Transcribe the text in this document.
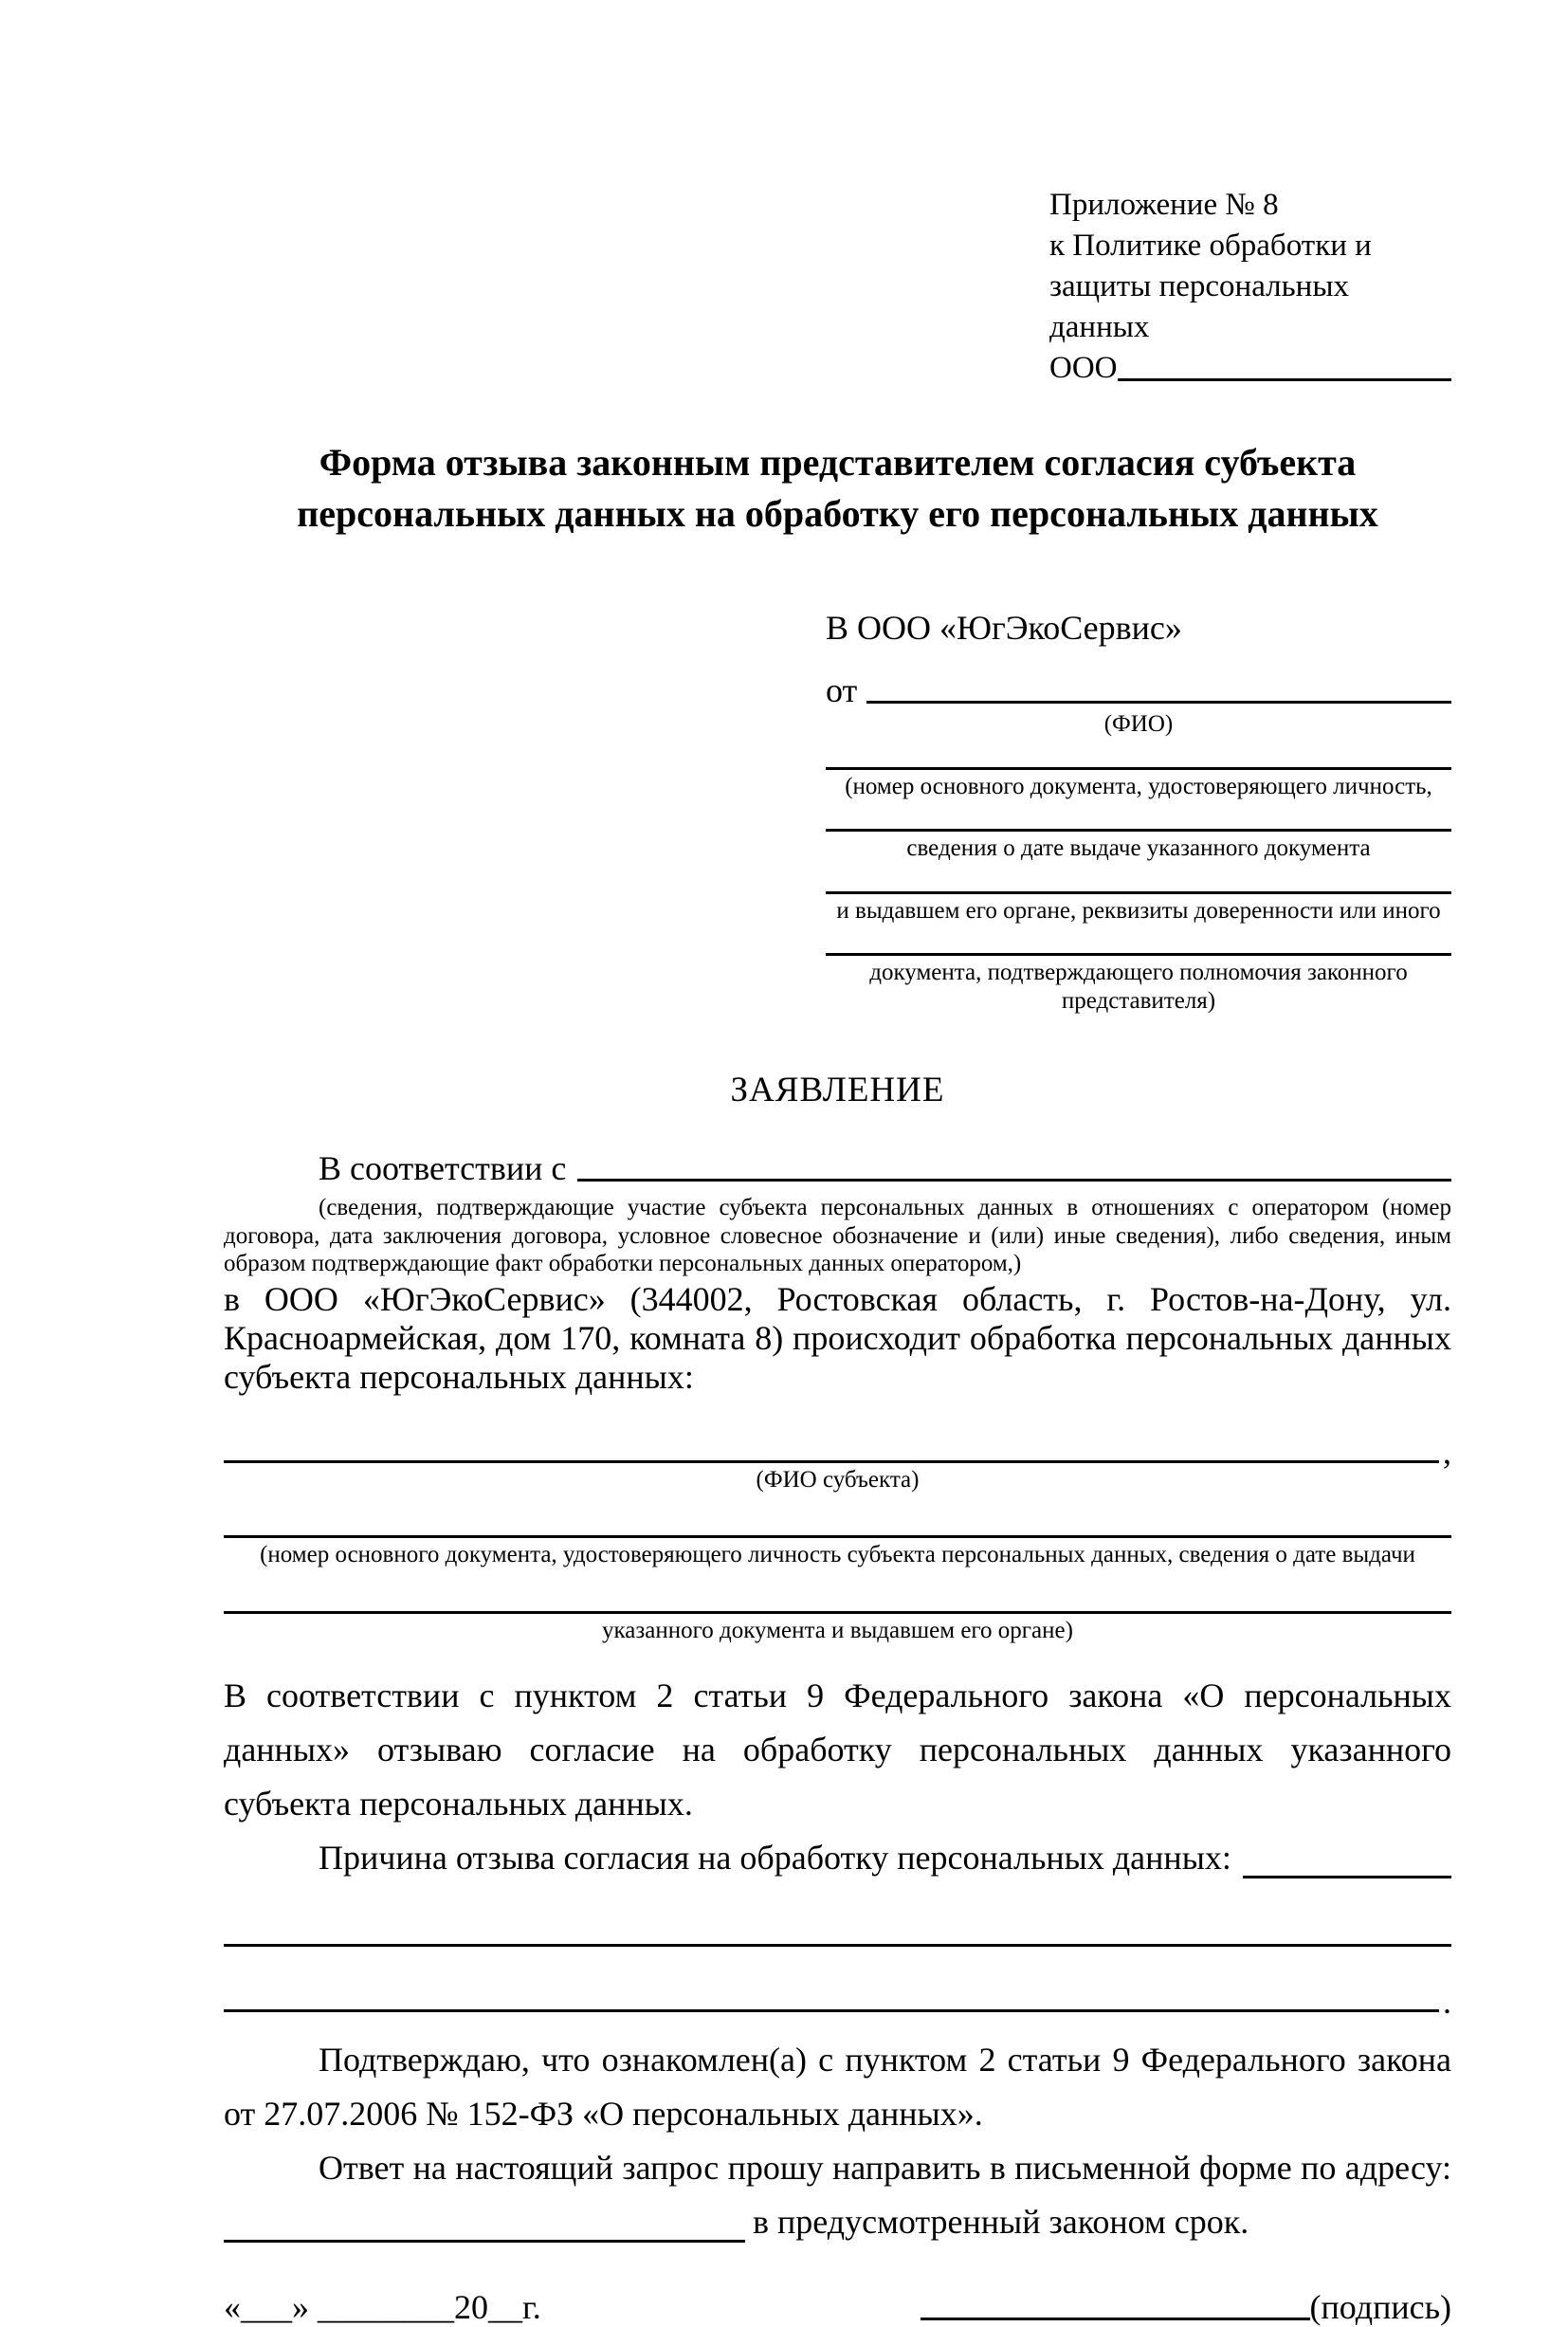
Приложение № 8
к Политике обработки и
защиты персональных данных
ООО
Форма отзыва законным представителем согласия субъекта
персональных данных на обработку его персональных данных
В ООО «ЮгЭкоСервис»
от
(ФИО)
(номер основного документа, удостоверяющего личность,
сведения о дате выдаче указанного документа
и выдавшем его органе, реквизиты доверенности или иного
документа, подтверждающего полномочия законного представителя)
ЗАЯВЛЕНИЕ
В соответствии с
(сведения, подтверждающие участие субъекта персональных данных в отношениях с оператором (номер договора, дата заключения договора, условное словесное обозначение и (или) иные сведения), либо сведения, иным образом подтверждающие факт обработки персональных данных оператором,)

в ООО «ЮгЭкоСервис» (344002, Ростовская область, г. Ростов-на-Дону, ул. Красноармейская, дом 170, комната 8) происходит обработка персональных данных субъекта персональных данных:

,
(ФИО субъекта)
(номер основного документа, удостоверяющего личность субъекта персональных данных, сведения о дате выдачи
указанного документа и выдавшем его органе)

В соответствии с пунктом 2 статьи 9 Федерального закона «О персональных данных» отзываю согласие на обработку персональных данных указанного субъекта персональных данных.

Причина отзыва согласия на обработку персональных данных:
.

Подтверждаю, что ознакомлен(а) с пунктом 2 статьи 9 Федерального закона от 27.07.2006 № 152-ФЗ «О персональных данных».

Ответ на настоящий запрос прошу направить в письменной форме по адресу:

в предусмотренный законом срок.
«___» ________20__г.	(подпись)
